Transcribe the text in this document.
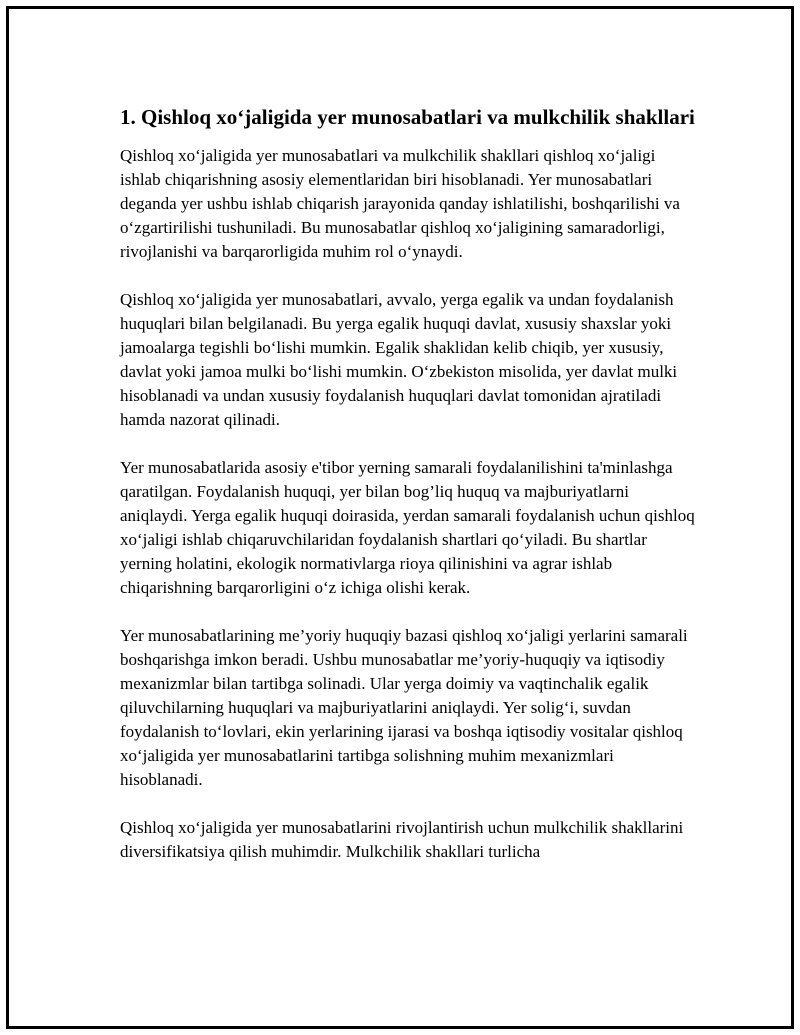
1. Qishloq xo‘jaligida yer munosabatlari va mulkchilik shakllari

Qishloq xo‘jaligida yer munosabatlari va mulkchilik shakllari qishloq xo‘jaligi ishlab chiqarishning asosiy elementlaridan biri hisoblanadi. Yer munosabatlari deganda yer ushbu ishlab chiqarish jarayonida qanday ishlatilishi, boshqarilishi va o‘zgartirilishi tushuniladi. Bu munosabatlar qishloq xo‘jaligining samaradorligi, rivojlanishi va barqarorligida muhim rol o‘ynaydi.

Qishloq xo‘jaligida yer munosabatlari, avvalo, yerga egalik va undan foydalanish huquqlari bilan belgilanadi. Bu yerga egalik huquqi davlat, xususiy shaxslar yoki jamoalarga tegishli bo‘lishi mumkin. Egalik shaklidan kelib chiqib, yer xususiy, davlat yoki jamoa mulki bo‘lishi mumkin. O‘zbekiston misolida, yer davlat mulki hisoblanadi va undan xususiy foydalanish huquqlari davlat tomonidan ajratiladi hamda nazorat qilinadi.

Yer munosabatlarida asosiy e'tibor yerning samarali foydalanilishini ta'minlashga qaratilgan. Foydalanish huquqi, yer bilan bog’liq huquq va majburiyatlarni aniqlaydi. Yerga egalik huquqi doirasida, yerdan samarali foydalanish uchun qishloq xo‘jaligi ishlab chiqaruvchilaridan foydalanish shartlari qo‘yiladi. Bu shartlar yerning holatini, ekologik normativlarga rioya qilinishini va agrar ishlab chiqarishning barqarorligini o‘z ichiga olishi kerak.

Yer munosabatlarining me’yoriy huquqiy bazasi qishloq xo‘jaligi yerlarini samarali boshqarishga imkon beradi. Ushbu munosabatlar me’yoriy-huquqiy va iqtisodiy mexanizmlar bilan tartibga solinadi. Ular yerga doimiy va vaqtinchalik egalik qiluvchilarning huquqlari va majburiyatlarini aniqlaydi. Yer solig‘i, suvdan foydalanish to‘lovlari, ekin yerlarining ijarasi va boshqa iqtisodiy vositalar qishloq xo‘jaligida yer munosabatlarini tartibga solishning muhim mexanizmlari hisoblanadi.

Qishloq xo‘jaligida yer munosabatlarini rivojlantirish uchun mulkchilik shakllarini diversifikatsiya qilish muhimdir. Mulkchilik shakllari turlicha
